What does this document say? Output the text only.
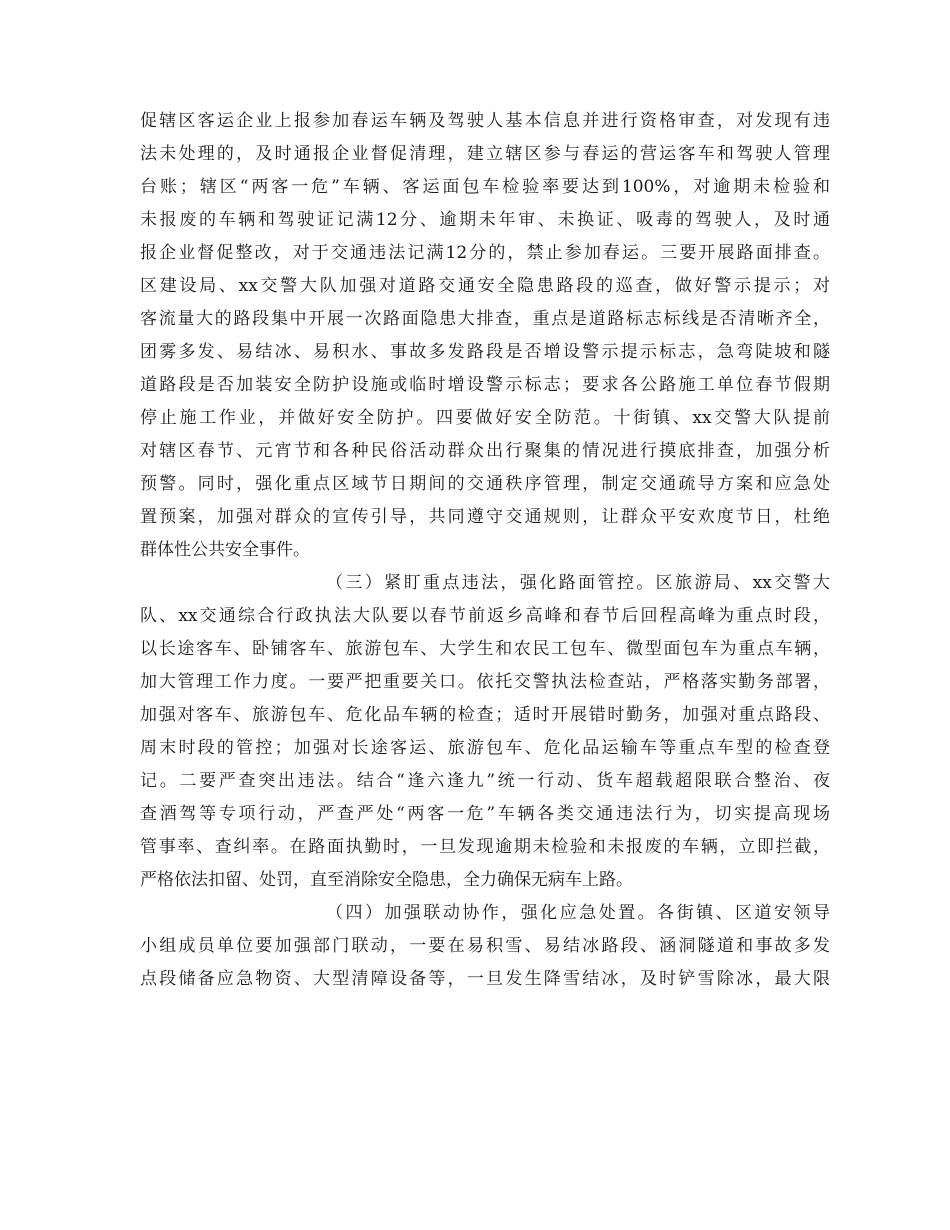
促辖区客运企业上报参加春运车辆及驾驶人基本信息并进行资格审查，对发现有违
法未处理的，及时通报企业督促清理，建立辖区参与春运的营运客车和驾驶人管理
台账；辖区“两客一危”车辆、客运面包车检验率要达到100%，对逾期未检验和
未报废的车辆和驾驶证记满12分、逾期未年审、未换证、吸毒的驾驶人，及时通
报企业督促整改，对于交通违法记满12分的，禁止参加春运。三要开展路面排查。
区建设局、xx交警大队加强对道路交通安全隐患路段的巡查，做好警示提示；对
客流量大的路段集中开展一次路面隐患大排查，重点是道路标志标线是否清晰齐全，
团雾多发、易结冰、易积水、事故多发路段是否增设警示提示标志，急弯陡坡和隧
道路段是否加装安全防护设施或临时增设警示标志；要求各公路施工单位春节假期
停止施工作业，并做好安全防护。四要做好安全防范。十街镇、xx交警大队提前
对辖区春节、元宵节和各种民俗活动群众出行聚集的情况进行摸底排查，加强分析
预警。同时，强化重点区域节日期间的交通秩序管理，制定交通疏导方案和应急处
置预案，加强对群众的宣传引导，共同遵守交通规则，让群众平安欢度节日，杜绝
群体性公共安全事件。
（三）紧盯重点违法，强化路面管控。区旅游局、xx交警大
队、xx交通综合行政执法大队要以春节前返乡高峰和春节后回程高峰为重点时段，
以长途客车、卧铺客车、旅游包车、大学生和农民工包车、微型面包车为重点车辆，
加大管理工作力度。一要严把重要关口。依托交警执法检查站，严格落实勤务部署，
加强对客车、旅游包车、危化品车辆的检查；适时开展错时勤务，加强对重点路段、
周末时段的管控；加强对长途客运、旅游包车、危化品运输车等重点车型的检查登
记。二要严查突出违法。结合“逢六逢九”统一行动、货车超载超限联合整治、夜
查酒驾等专项行动，严查严处“两客一危”车辆各类交通违法行为，切实提高现场
管事率、查纠率。在路面执勤时，一旦发现逾期未检验和未报废的车辆，立即拦截，
严格依法扣留、处罚，直至消除安全隐患，全力确保无病车上路。
（四）加强联动协作，强化应急处置。各街镇、区道安领导
小组成员单位要加强部门联动，一要在易积雪、易结冰路段、涵洞隧道和事故多发
点段储备应急物资、大型清障设备等，一旦发生降雪结冰，及时铲雪除冰，最大限
